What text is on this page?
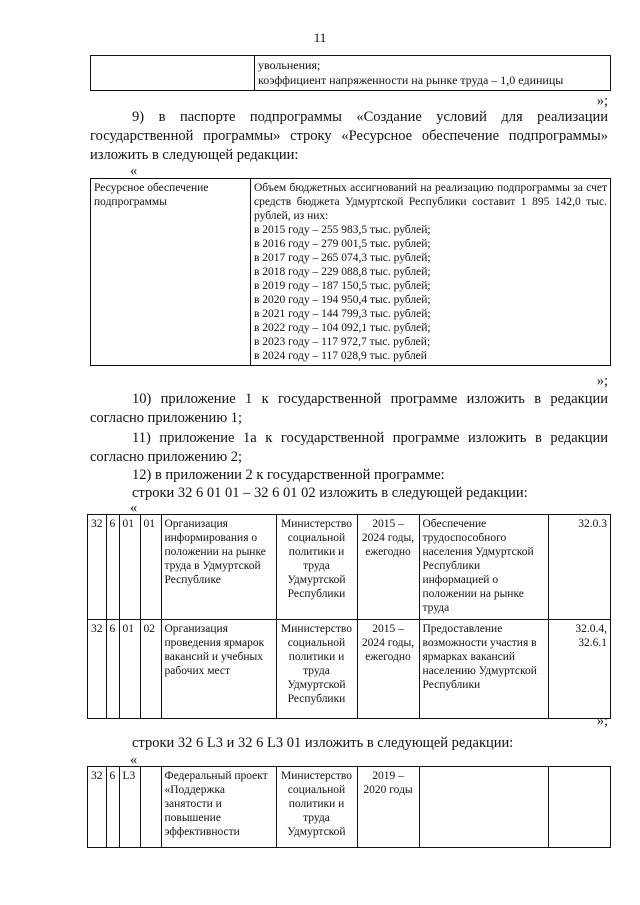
11

увольнения;
коэффициент напряженности на рынке труда – 1,0 единицы
»;
9) в паспорте подпрограммы «Создание условий для реализации государственной программы» строку «Ресурсное обеспечение подпрограммы» изложить в следующей редакции:
«
Ресурсное обеспечение подпрограммы

Объем бюджетных ассигнований на реализацию подпрограммы за счет средств бюджета Удмуртской Республики составит 1 895 142,0 тыс. рублей, из них:
в 2015 году – 255 983,5 тыс. рублей;
в 2016 году – 279 001,5 тыс. рублей;
в 2017 году – 265 074,3 тыс. рублей;
в 2018 году – 229 088,8 тыс. рублей;
в 2019 году – 187 150,5 тыс. рублей;
в 2020 году – 194 950,4 тыс. рублей;
в 2021 году – 144 799,3 тыс. рублей;
в 2022 году – 104 092,1 тыс. рублей;
в 2023 году – 117 972,7 тыс. рублей;
в 2024 году – 117 028,9 тыс. рублей
»;
10) приложение 1 к государственной программе изложить в редакции согласно приложению 1;
11) приложение 1а к государственной программе изложить в редакции согласно приложению 2;
12) в приложении 2 к государственной программе:
строки 32 6 01 01 – 32 6 01 02 изложить в следующей редакции:
«
32	6	01	01	Организация информирования о положении на рынке труда в Удмуртской Республике	Министерство социальной политики и труда Удмуртской Республики	2015 – 2024 годы, ежегодно	Обеспечение трудоспособного населения Удмуртской Республики информацией о положении на рынке труда	32.0.3
32	6	01	02	Организация проведения ярмарок вакансий и учебных рабочих мест	Министерство социальной политики и труда Удмуртской Республики	2015 – 2024 годы, ежегодно	Предоставление возможности участия в ярмарках вакансий населению Удмуртской Республики	32.0.4, 32.6.1
»;
строки 32 6 L3 и 32 6 L3 01 изложить в следующей редакции:
«
32	6	L3		Федеральный проект «Поддержка занятости и повышение эффективности	Министерство социальной политики и труда Удмуртской	2019 – 2020 годы		
